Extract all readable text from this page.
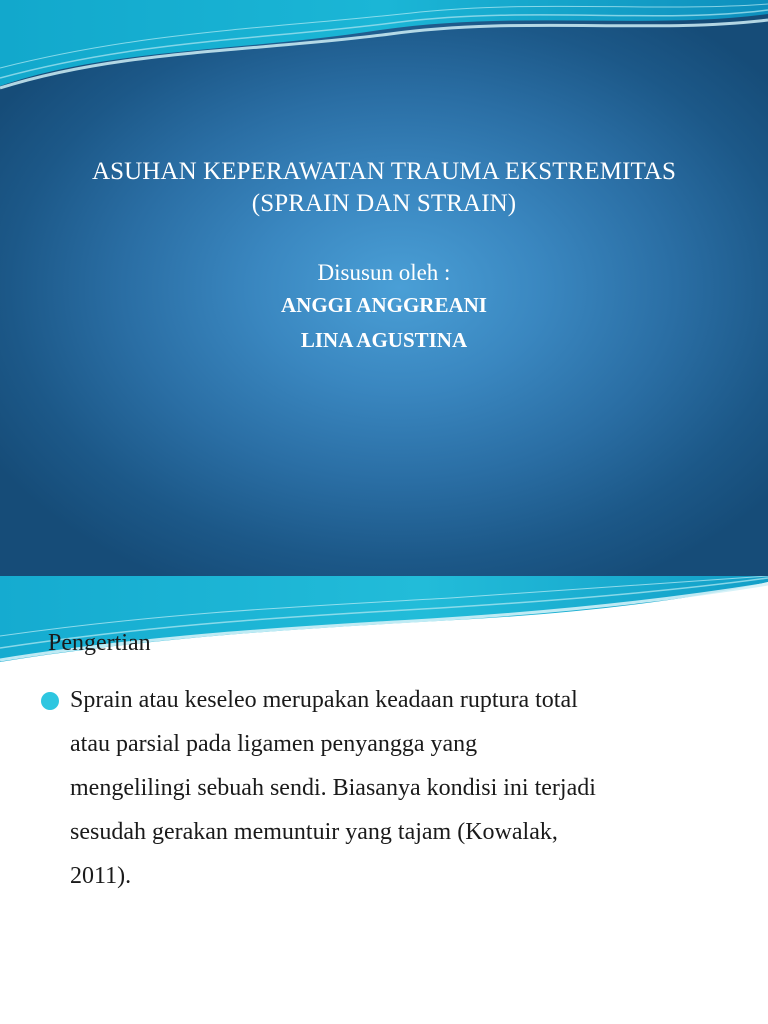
ASUHAN KEPERAWATAN TRAUMA EKSTREMITAS
(SPRAIN DAN STRAIN)
Disusun oleh :
ANGGI ANGGREANI
LINA AGUSTINA
Pengertian

Sprain atau keseleo merupakan keadaan ruptura total
atau parsial pada ligamen penyangga yang
mengelilingi sebuah sendi. Biasanya kondisi ini terjadi
sesudah gerakan memuntuir yang tajam (Kowalak,
2011).
